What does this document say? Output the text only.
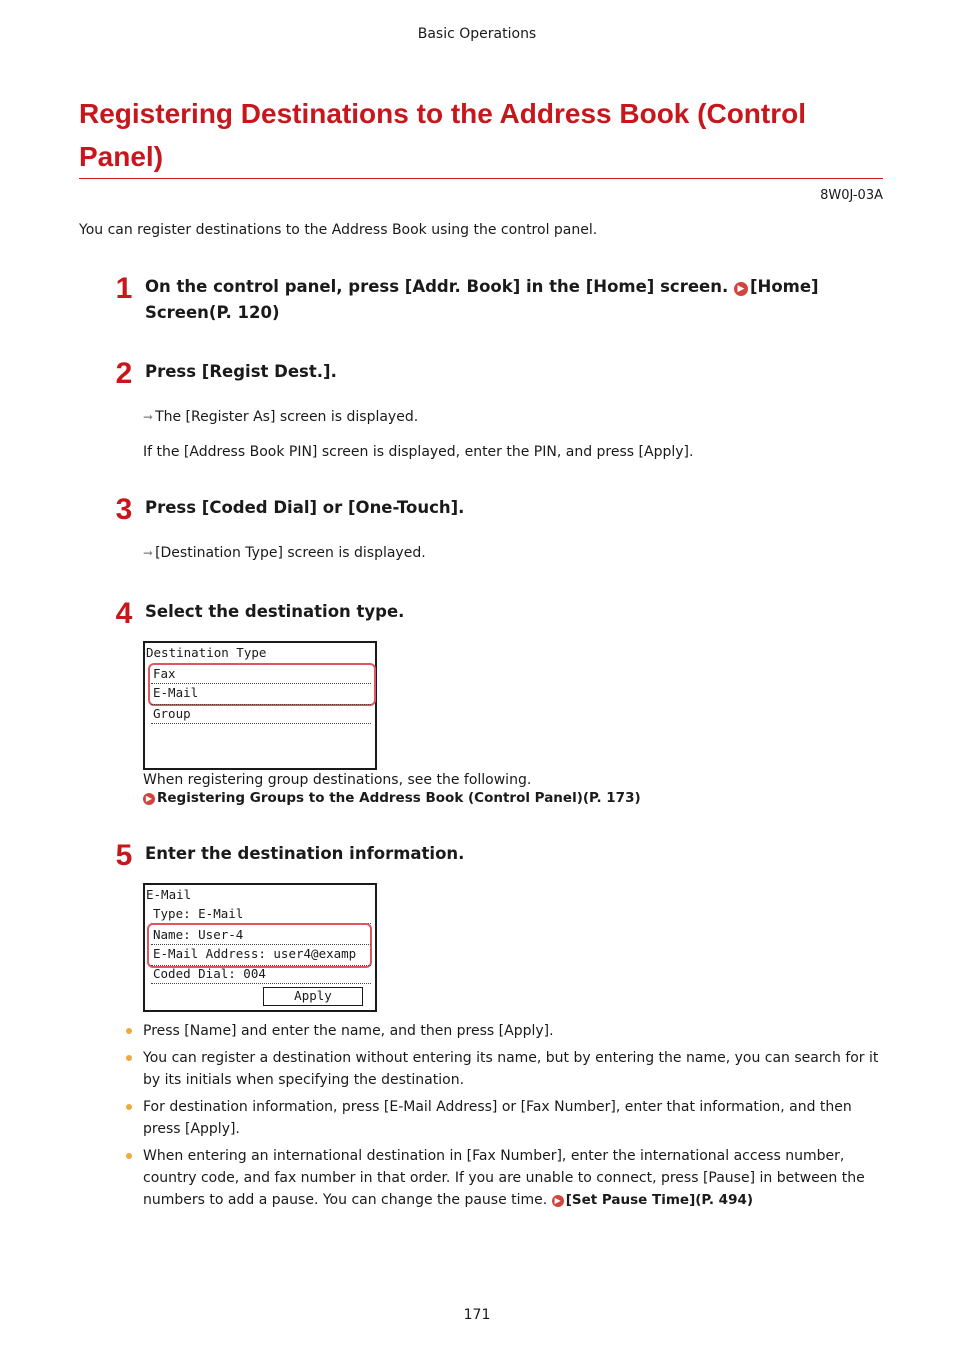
Basic Operations
Registering Destinations to the Address Book (Control Panel)
8W0J-03A
You can register destinations to the Address Book using the control panel.
1 On the control panel, press [Addr. Book] in the [Home] screen. ▶ [Home] Screen(P. 120)
2 Press [Regist Dest.].
➞ The [Register As] screen is displayed.
If the [Address Book PIN] screen is displayed, enter the PIN, and press [Apply].
3 Press [Coded Dial] or [One-Touch].
➞ [Destination Type] screen is displayed.
4 Select the destination type.
Destination Type
Fax
E-Mail
Group
When registering group destinations, see the following.
▶ Registering Groups to the Address Book (Control Panel)(P. 173)
5 Enter the destination information.
E-Mail
Type: E-Mail
Name: User-4
E-Mail Address: user4@examp
Coded Dial: 004
Apply
Press [Name] and enter the name, and then press [Apply].
You can register a destination without entering its name, but by entering the name, you can search for it by its initials when specifying the destination.
For destination information, press [E-Mail Address] or [Fax Number], enter that information, and then press [Apply].
When entering an international destination in [Fax Number], enter the international access number, country code, and fax number in that order. If you are unable to connect, press [Pause] in between the numbers to add a pause. You can change the pause time. ▶ [Set Pause Time](P. 494)
171
